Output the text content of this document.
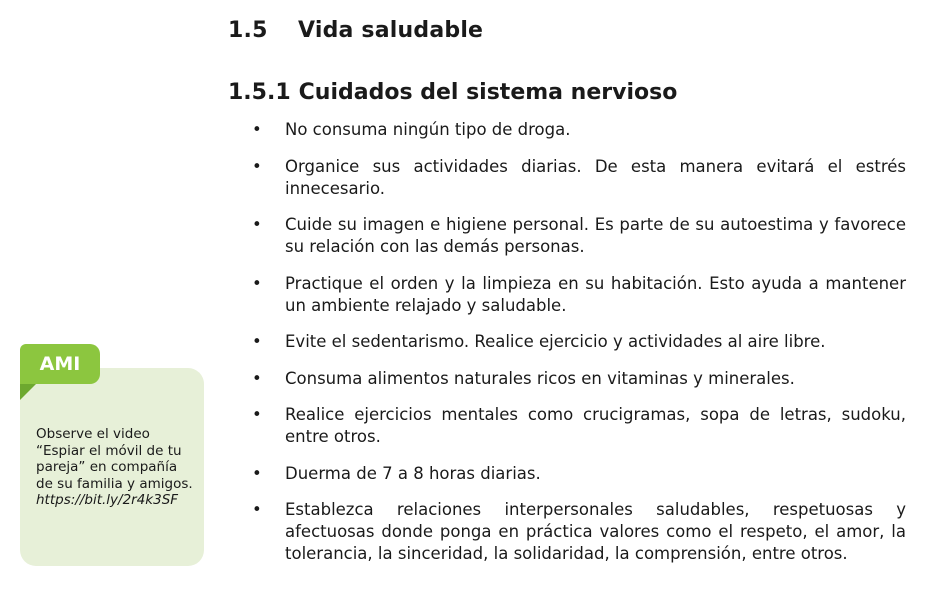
1.5 Vida saludable
1.5.1 Cuidados del sistema nervioso
•	No consuma ningún tipo de droga.
•	Organice sus actividades diarias. De esta manera evitará el estrés innecesario.
•	Cuide su imagen e higiene personal. Es parte de su autoestima y favorece su relación con las demás personas.
•	Practique el orden y la limpieza en su habitación. Esto ayuda a mantener un ambiente relajado y saludable.
•	Evite el sedentarismo. Realice ejercicio y actividades al aire libre.
•	Consuma alimentos naturales ricos en vitaminas y minerales.
•	Realice ejercicios mentales como crucigramas, sopa de letras, sudoku, entre otros.
•	Duerma de 7 a 8 horas diarias.
•	Establezca relaciones interpersonales saludables, respetuosas y afectuosas donde ponga en práctica valores como el respeto, el amor, la tolerancia, la sinceridad, la solidaridad, la comprensión, entre otros.
AMI
Observe el video “Espiar el móvil de tu pareja” en compañía de su familia y amigos.
https://bit.ly/2r4k3SF
